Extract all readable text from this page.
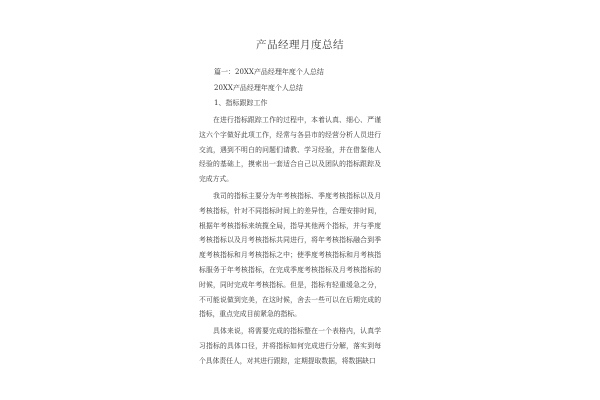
产品经理月度总结
篇一：20XX产品经理年度个人总结
20XX产品经理年度个人总结
1、指标跟踪工作

在进行指标跟踪工作的过程中，本着认真、细心、严谨这六个字做好此项工作，经常与各县市的经营分析人员进行交流，遇到不明白的问题们请教、学习经验，并在借鉴他人经验的基础上，摸索出一套适合自己以及团队的指标跟踪及完成方式。

我司的指标主要分为年考核指标、季度考核指标以及月考核指标，针对不同指标时间上的差异性，合理安排时间，根据年考核指标来统揽全局，指导其他两个指标，并与季度考核指标以及月考核指标共同进行，将年考核指标融合到季度考核指标和月考核指标之中；使季度考核指标和月考核指标服务于年考核指标，在完成季度考核指标及月考核指标的时候，同时完成年考核指标。但是，指标有轻重缓急之分，不可能说做到完美，在这时候，舍去一些可以在后期完成的指标，重点完成目前紧急的指标。

具体来说，将需要完成的指标整在一个表格内，认真学习指标的具体口径，并将指标如何完成进行分解，落实到每个具体责任人，对其进行跟踪，定期提取数据，将数据缺口
